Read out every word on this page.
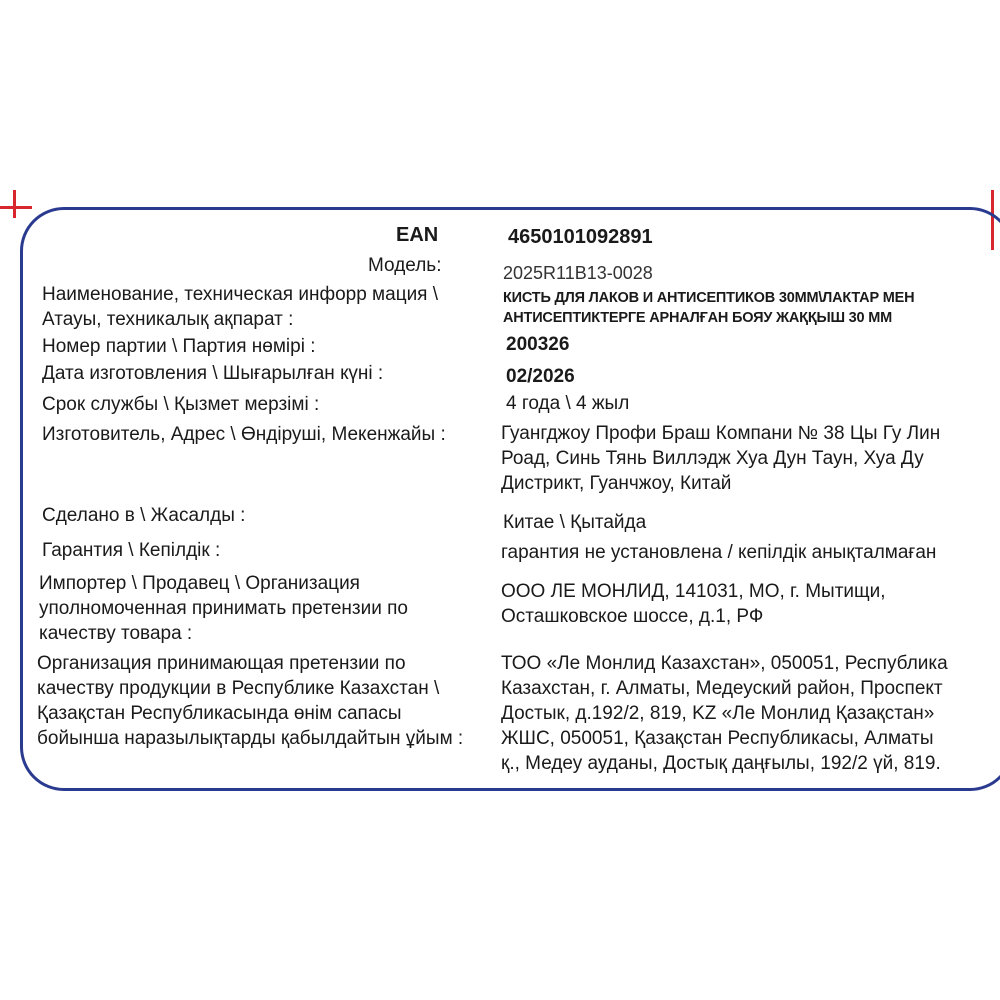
EAN	4650101092891
Модель:	2025R11B13-0028
Наименование, техническая инфорр мация \
Атауы, техникалық ақпарат :
КИСТЬ ДЛЯ ЛАКОВ И АНТИСЕПТИКОВ 30ММ\ЛАКТАР МЕН
АНТИСЕПТИКТЕРГЕ АРНАЛҒАН БОЯУ ЖАҚҚЫШ 30 ММ
Номер партии \ Партия нөмірі :	200326
Дата изготовления \ Шығарылған күні :	02/2026
Срок службы \ Қызмет мерзімі :	4 года \ 4 жыл
Изготовитель, Адрес \ Өндіруші, Мекенжайы :	Гуангджоу Профи Браш Компани № 38 Цы Гу Лин
Роад, Синь Тянь Виллэдж Хуа Дун Таун, Хуа Ду
Дистрикт, Гуанчжоу, Китай
Сделано в \ Жасалды :	Китае \ Қытайда
Гарантия \ Кепілдік :	гарантия не установлена / кепілдік анықталмаған
Импортер \ Продавец \ Организация
уполномоченная принимать претензии по
качеству товара :
ООО ЛЕ МОНЛИД, 141031, МО, г. Мытищи,
Осташковское шоссе, д.1, РФ
Организация принимающая претензии по
качеству продукции в Республике Казахстан \
Қазақстан Республикасында өнім сапасы
бойынша наразылықтарды қабылдайтын ұйым :
ТОО «Ле Монлид Казахстан», 050051, Республика
Казахстан, г. Алматы, Медеуский район, Проспект
Достык, д.192/2, 819, KZ «Ле Монлид Қазақстан»
ЖШС, 050051, Қазақстан Республикасы, Алматы
қ., Медеу ауданы, Достық даңғылы, 192/2 үй, 819.
